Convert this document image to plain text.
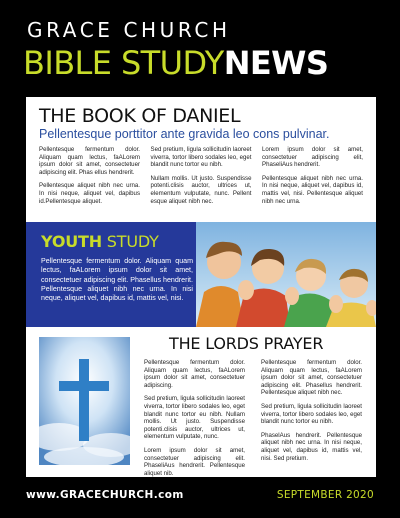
GRACE CHURCH
BIBLE STUDYNEWS
THE BOOK OF DANIEL
Pellentesque porttitor ante gravida leo cons pulvinar.

Pellentesque fermentum dolor. Aliquam quam lectus, faALorem ipsum dolor sit amet, consectetuer adipiscing elit. Phas ellus hendrerit.

Pellentesque aliquet nibh nec urna. In nisi neque, aliquet vel, dapibus id.Pellentesque aliquet.

Sed pretium, ligula sollicitudin laoreet viverra, tortor libero sodales leo, eget blandit nunc tortor eu nibh.

Nullam mollis. Ut justo. Suspendisse potenti.clisis auctor, ultrices ut, elementum vulputate, nunc. Pellent esque aliquet nibh nec.

Lorem ipsum dolor sit amet, consectetuer adipiscing elit, PhaseliAus hendrerit.

Pellentesque aliquet nibh nec urna. In nisi neque, aliquet vel, dapibus id, mattis vel, nisi. Pellentesque aliquet nibh nec urna.

YOUTH STUDY

Pellentesque fermentum dolor. Aliquam quam lectus, faALorem ipsum dolor sit amet, consectetuer adipiscing elit. Phasellus hendrerit. Pellentesque aliquet nibh nec urna. In nisi neque, aliquet vel, dapibus id, mattis vel, nisi.

THE LORDS PRAYER

Pellentesque fermentum dolor. Aliquam quam lectus, faALorem ipsum dolor sit amet, consectetuer adipiscing.

Sed pretium, ligula sollicitudin laoreet viverra, tortor libero sodales leo, eget blandit nunc tortor eu nibh. Nullam mollis. Ut justo. Suspendisse potenti.clisis auctor, ultrices ut, elementum vulputate, nunc.

Lorem ipsum dolor sit amet, consectetuer adipiscing elit. PhaseliAus hendrerit. Pellentesque aliquet nib.

Pellentesque fermentum dolor. Aliquam quam lectus, faALorem ipsum dolor sit amet, consectetuer adipiscing elit. Phasellus hendrerit. Pellentesque aliquet nibh nec.

Sed pretium, ligula sollicitudin laoreet viverra, tortor libero sodales leo, eget blandit nunc tortor eu nibh.

PhaselAus hendrerit. Pellentesque aliquet nibh nec urna. In nisi neque, aliquet vel, dapibus id, mattis vel, nisi. Sed pretium.

www.GRACECHURCH.com	SEPTEMBER 2020
